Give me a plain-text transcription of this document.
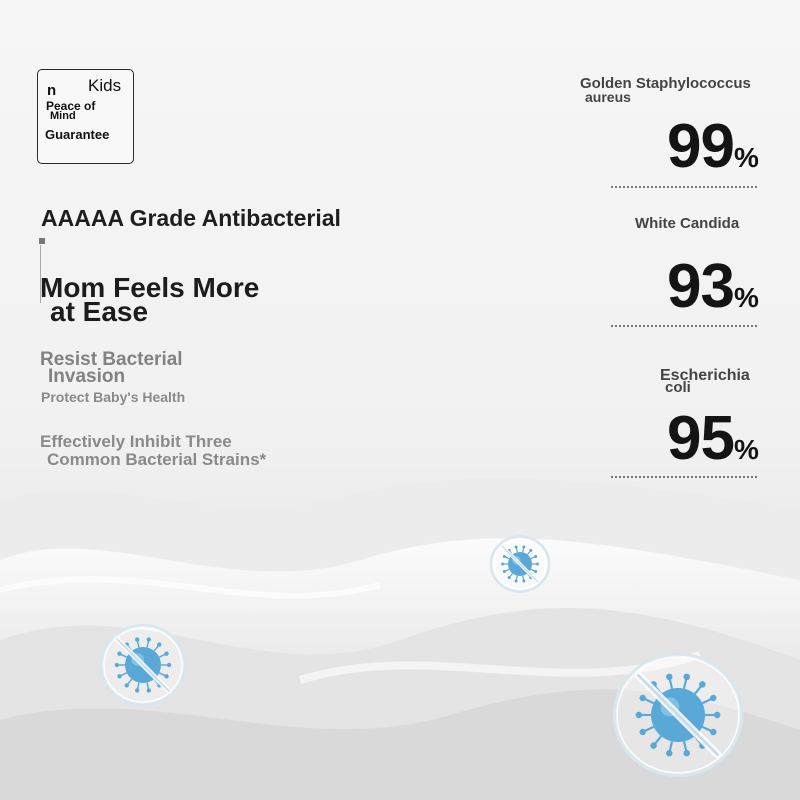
n Kids
Peace of
Mind
Guarantee
AAAAA Grade Antibacterial
Mom Feels More
at Ease
Resist Bacterial
Invasion
Protect Baby's Health
Effectively Inhibit Three
Common Bacterial Strains*
Golden Staphylococcus
aureus
99%
White Candida
93%
Escherichia
coli
95%
